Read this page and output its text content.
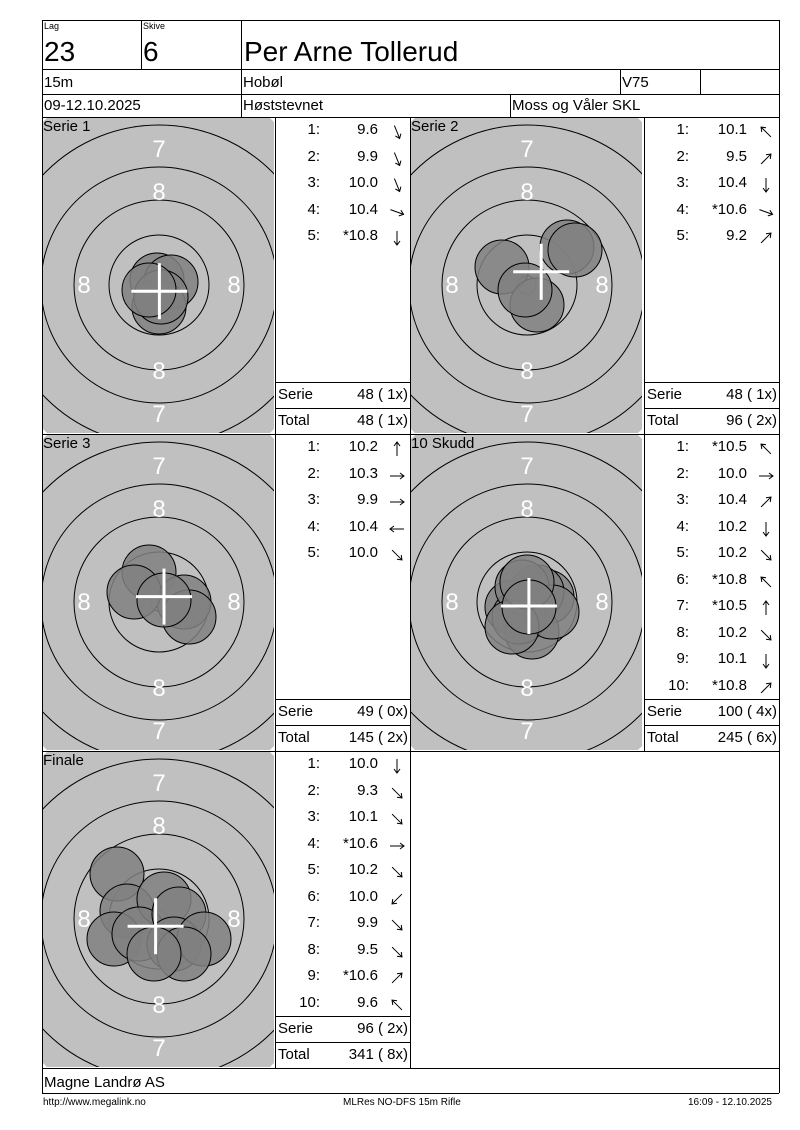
Lag
23
Skive
6	Per Arne Tollerud
15m	Hobøl	V75
09-12.10.2025	Høststevnet	Moss og Våler SKL
7
7
8
8
8	8
Serie 1	1: 9.6
2: 9.9
3: 10.0
4: 10.4
5: *10.8
Serie	48 ( 1x)
Total	48 ( 1x)
7
7
8
8
8	8
Serie 2	1: 10.1
2: 9.5
3: 10.4
4: *10.6
5: 9.2
Serie	48 ( 1x)
Total	96 ( 2x)
7
7
8
8
8	8
Serie 3	1: 10.2
2: 10.3
3: 9.9
4: 10.4
5: 10.0
Serie	49 ( 0x)
Total	145 ( 2x)
7
7
8
8
8	8
10 Skudd	1: *10.5
2: 10.0
3: 10.4
4: 10.2
5: 10.2
6: *10.8
7: *10.5
8: 10.2
9: 10.1
10: *10.8
Serie 100 ( 4x)
Total	245 ( 6x)
7
7
8
8
8	8
Finale	1: 10.0
2: 9.3
3: 10.1
4: *10.6
5: 10.2
6: 10.0
7: 9.9
8: 9.5
9: *10.6
10: 9.6
Serie	96 ( 2x)
Total	341 ( 8x)
Magne Landrø AS
http://www.megalink.no	MLRes NO-DFS 15m Rifle	16:09 - 12.10.2025
